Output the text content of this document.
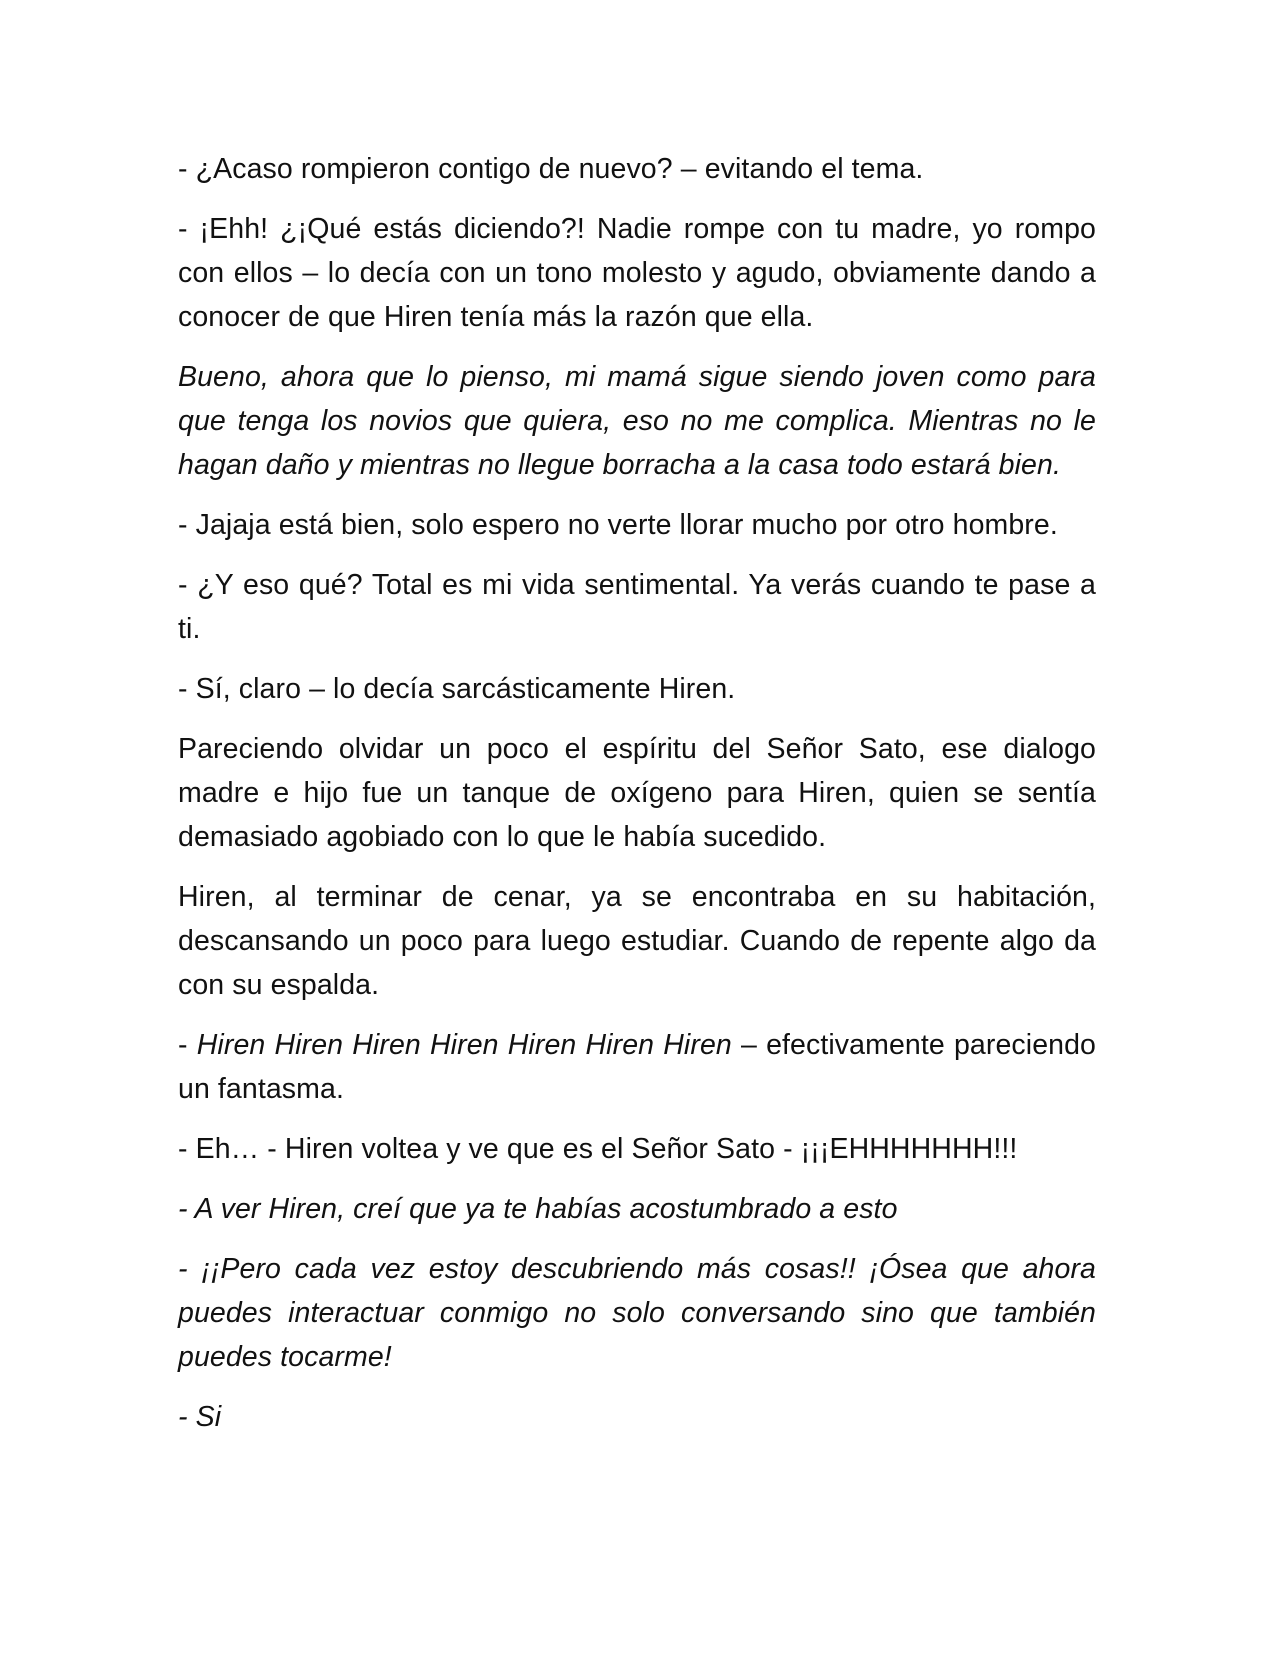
- ¿Acaso rompieron contigo de nuevo? – evitando el tema.

- ¡Ehh! ¿¡Qué estás diciendo?! Nadie rompe con tu madre, yo rompo con ellos – lo decía con un tono molesto y agudo, obviamente dando a conocer de que Hiren tenía más la razón que ella.

Bueno, ahora que lo pienso, mi mamá sigue siendo joven como para que tenga los novios que quiera, eso no me complica. Mientras no le hagan daño y mientras no llegue borracha a la casa todo estará bien.

- Jajaja está bien, solo espero no verte llorar mucho por otro hombre.

- ¿Y eso qué? Total es mi vida sentimental. Ya verás cuando te pase a ti.

- Sí, claro – lo decía sarcásticamente Hiren.

Pareciendo olvidar un poco el espíritu del Señor Sato, ese dialogo madre e hijo fue un tanque de oxígeno para Hiren, quien se sentía demasiado agobiado con lo que le había sucedido.

Hiren, al terminar de cenar, ya se encontraba en su habitación, descansando un poco para luego estudiar. Cuando de repente algo da con su espalda.

- Hiren Hiren Hiren Hiren Hiren Hiren Hiren – efectivamente pareciendo un fantasma.

- Eh… - Hiren voltea y ve que es el Señor Sato - ¡¡¡EHHHHHHH!!!

- A ver Hiren, creí que ya te habías acostumbrado a esto

- ¡¡Pero cada vez estoy descubriendo más cosas!! ¡Ósea que ahora puedes interactuar conmigo no solo conversando sino que también puedes tocarme!

- Si
